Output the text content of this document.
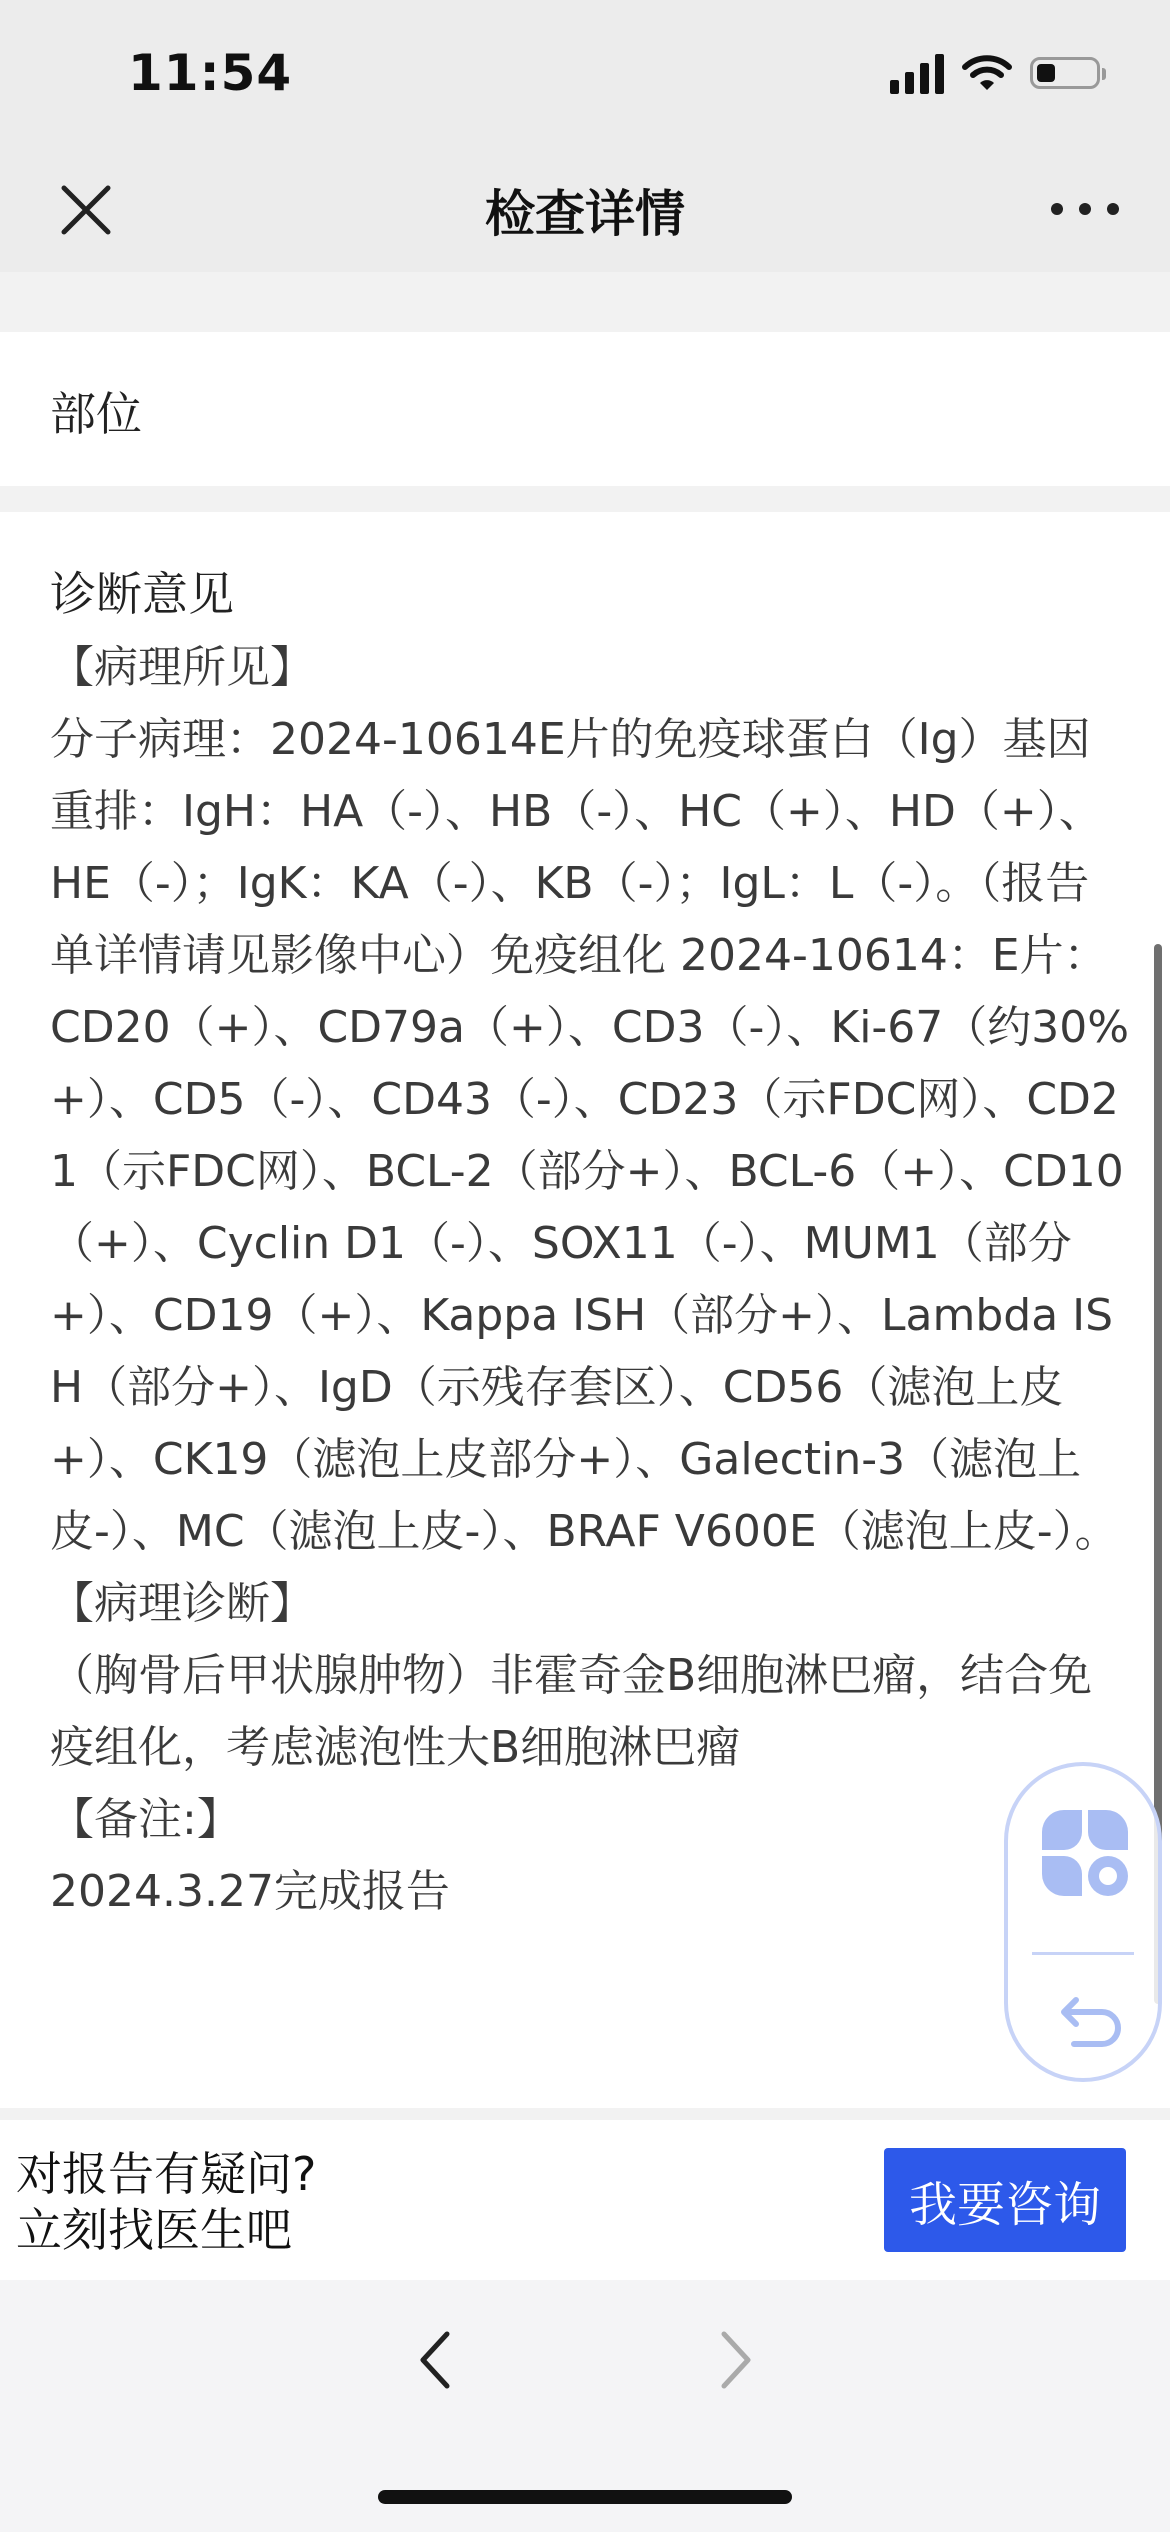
11:54
检查详情
部位
诊断意见
【病理所见】
分子病理：2024-10614E片的免疫球蛋白（Ig）基因重排：IgH：HA（-）、HB（-）、HC（+）、HD（+）、HE（-）；IgK：KA（-）、KB（-）；IgL：L（-）。（报告单详情请见影像中心）免疫组化 2024-10614：E片：CD20（+）、CD79a（+）、CD3（-）、Ki-67（约30%+）、CD5（-）、CD43（-）、CD23（示FDC网）、CD21（示FDC网）、BCL-2（部分+）、BCL-6（+）、CD10（+）、Cyclin D1（-）、SOX11（-）、MUM1（部分+）、CD19（+）、Kappa ISH（部分+）、Lambda ISH（部分+）、IgD（示残存套区）、CD56（滤泡上皮+）、CK19（滤泡上皮部分+）、Galectin-3（滤泡上皮-）、MC（滤泡上皮-）、BRAF V600E（滤泡上皮-）。
【病理诊断】
（胸骨后甲状腺肿物）非霍奇金B细胞淋巴瘤，结合免疫组化，考虑滤泡性大B细胞淋巴瘤
【备注:】
2024.3.27完成报告
对报告有疑问?
立刻找医生吧	我要咨询
